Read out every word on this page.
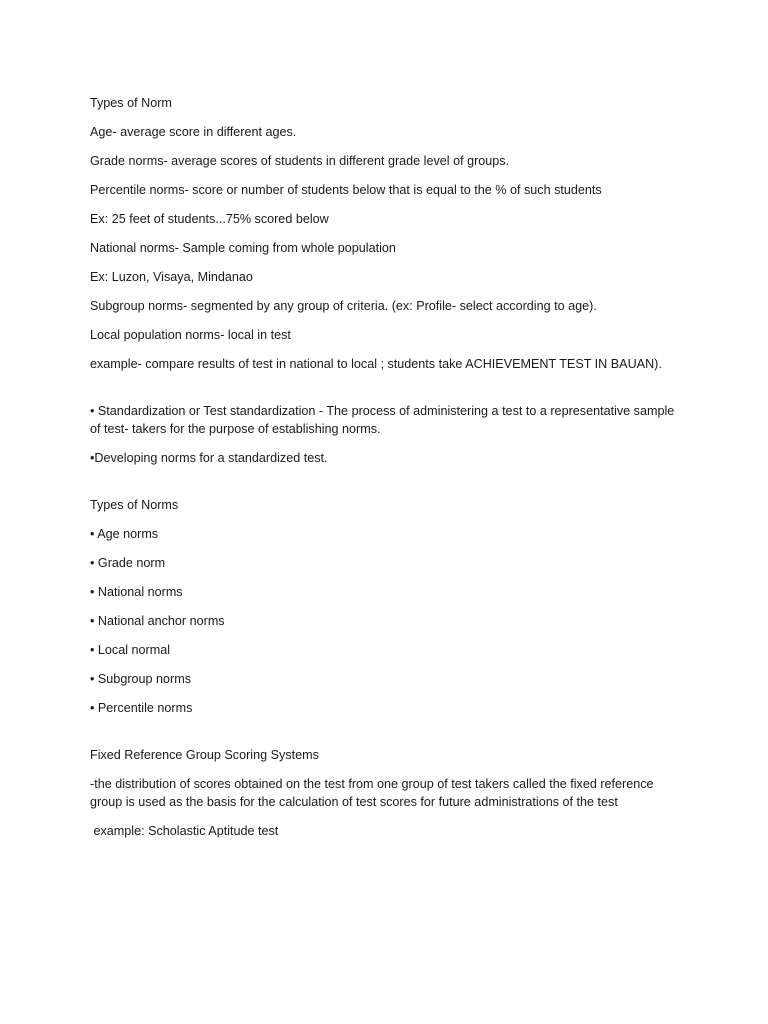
Types of Norm

Age- average score in different ages.

Grade norms- average scores of students in different grade level of groups.

Percentile norms- score or number of students below that is equal to the % of such students

Ex: 25 feet of students...75% scored below

National norms- Sample coming from whole population

Ex: Luzon, Visaya, Mindanao

Subgroup norms- segmented by any group of criteria. (ex: Profile- select according to age).

Local population norms- local in test

example- compare results of test in national to local ; students take ACHIEVEMENT TEST IN BAUAN).

• Standardization or Test standardization - The process of administering a test to a representative sample of test- takers for the purpose of establishing norms.

•Developing norms for a standardized test.

Types of Norms

• Age norms

• Grade norm

• National norms

• National anchor norms

• Local normal

• Subgroup norms

• Percentile norms

Fixed Reference Group Scoring Systems

-the distribution of scores obtained on the test from one group of test takers called the fixed reference group is used as the basis for the calculation of test scores for future administrations of the test

example: Scholastic Aptitude test
